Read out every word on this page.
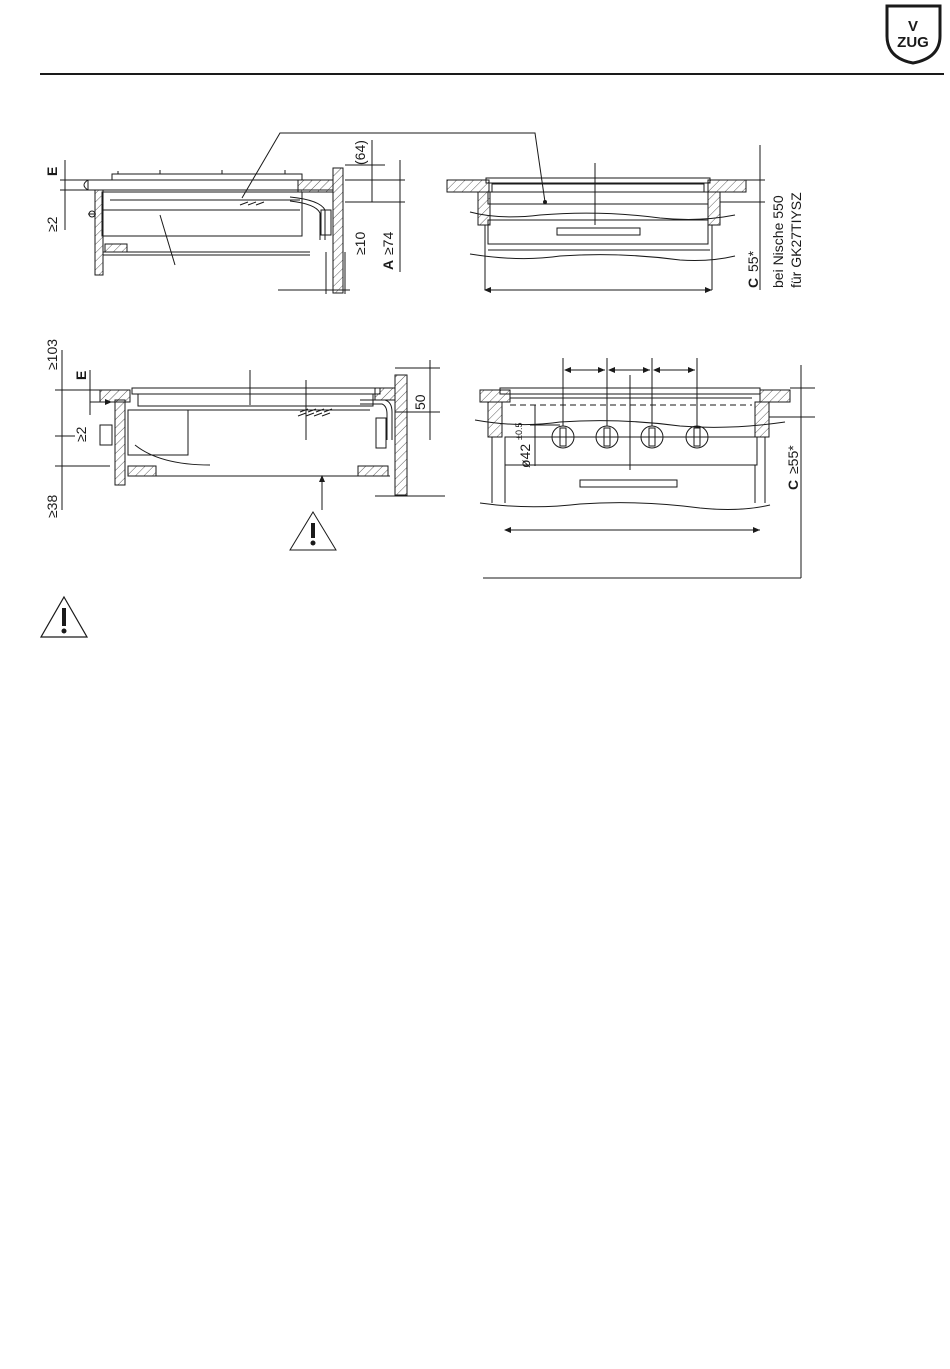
V
ZUG
E
≥2
(64)
≥10
A
≥74
C
55* bei Nische 550 für GK27TIYSZ
≥103
E
≥2
≥38
50
ø42
±0.5
C
≥55*
